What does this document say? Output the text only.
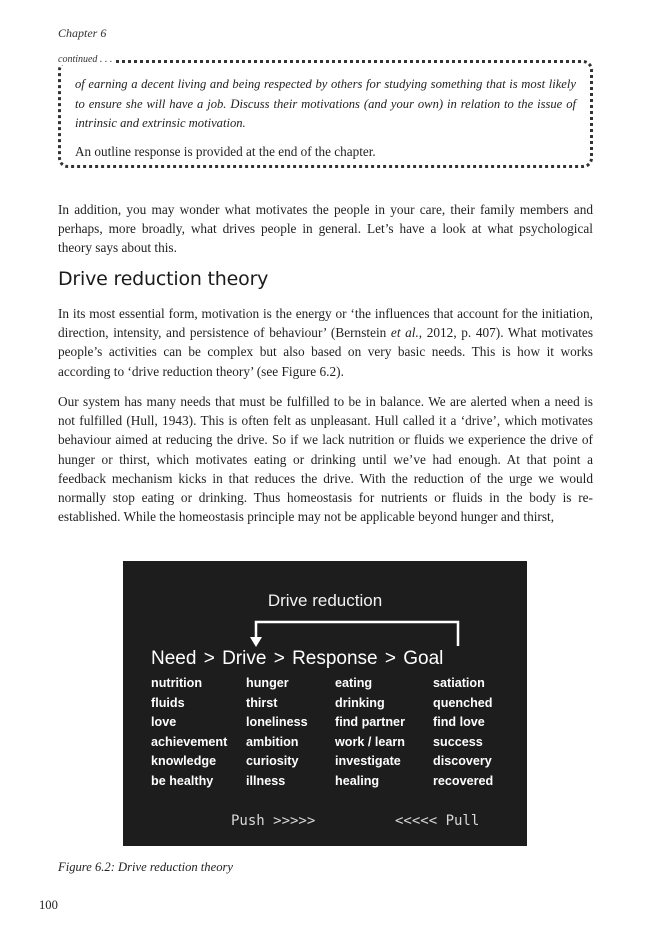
Chapter 6
continued . . .

of earning a decent living and being respected by others for studying something that is most likely to ensure she will have a job. Discuss their motivations (and your own) in relation to the issue of intrinsic and extrinsic motivation.

An outline response is provided at the end of the chapter.

In addition, you may wonder what motivates the people in your care, their family members and perhaps, more broadly, what drives people in general. Let’s have a look at what psychological theory says about this.

Drive reduction theory

In its most essential form, motivation is the energy or ‘the influences that account for the initiation, direction, intensity, and persistence of behaviour’ (Bernstein et al., 2012, p. 407). What motivates people’s activities can be complex but also based on very basic needs. This is how it works according to ‘drive reduction theory’ (see Figure 6.2).

Our system has many needs that must be fulfilled to be in balance. We are alerted when a need is not fulfilled (Hull, 1943). This is often felt as unpleasant. Hull called it a ‘drive’, which motivates behaviour aimed at reducing the drive. So if we lack nutrition or fluids we experience the drive of hunger or thirst, which motivates eating or drinking until we’ve had enough. At that point a feedback mechanism kicks in that reduces the drive. With the reduction of the urge we would normally stop eating or drinking. Thus homeostasis for nutrients or fluids in the body is re-established. While the homeostasis principle may not be applicable beyond hunger and thirst,

Drive reduction
Need > Drive > Response > Goal
nutrition
fluids
love
achievement
knowledge
be healthy
hunger
thirst
loneliness
ambition
curiosity
illness
eating
drinking
find partner
work / learn
investigate
healing
satiation
quenched
find love
success
discovery
recovered
Push >>>>>	<<<<< Pull
Figure 6.2: Drive reduction theory
100
